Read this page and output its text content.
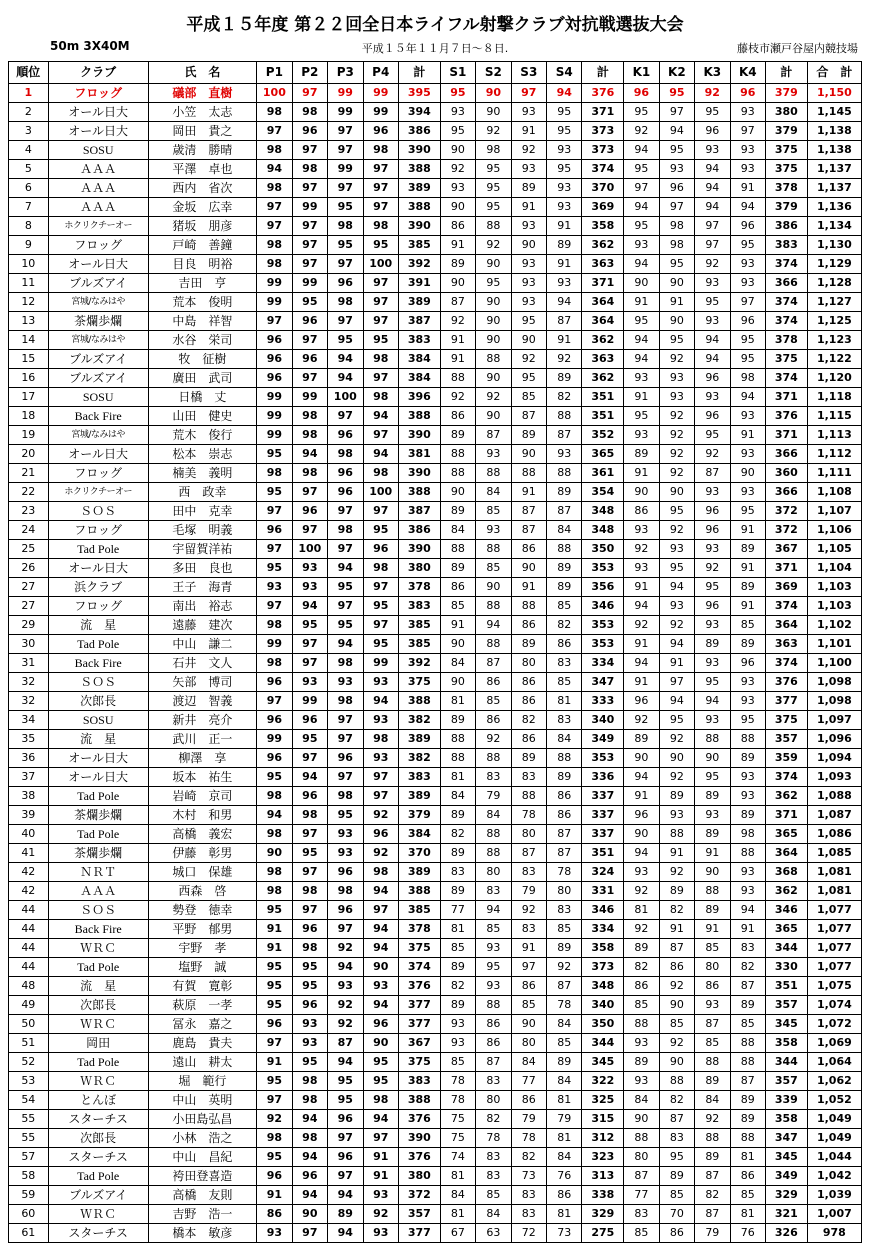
平成１５年度 第２２回全日本ライフル射撃クラブ対抗戦選抜大会
50m 3X40M	平成１５年１１月７日〜８日.	藤枝市瀬戸谷屋内競技場
順位	クラブ	氏　名	P1	P2	P3	P4	計	S1	S2	S3	S4	計	K1	K2	K3	K4	計	合　計
1	フロッグ	礒部　直樹	100	97	99	99	395	95	90	97	94	376	96	95	92	96	379	1,150
2	オール日大	小笠　太志	98	98	99	99	394	93	90	93	95	371	95	97	95	93	380	1,145
3	オール日大	岡田　貴之	97	96	97	96	386	95	92	91	95	373	92	94	96	97	379	1,138
4	SOSU	歳清　勝晴	98	97	97	98	390	90	98	92	93	373	94	95	93	93	375	1,138
5	ＡＡＡ	平澤　卓也	94	98	99	97	388	92	95	93	95	374	95	93	94	93	375	1,137
6	ＡＡＡ	西内　省次	98	97	97	97	389	93	95	89	93	370	97	96	94	91	378	1,137
7	ＡＡＡ	金坂　広幸	97	99	95	97	388	90	95	91	93	369	94	97	94	94	379	1,136
8	ホクリクチーオー	猪坂　朋彦	97	97	98	98	390	86	88	93	91	358	95	98	97	96	386	1,134
9	フロッグ	戸崎　善鐘	98	97	95	95	385	91	92	90	89	362	93	98	97	95	383	1,130
10	オール日大	目良　明裕	98	97	97	100	392	89	90	93	91	363	94	95	92	93	374	1,129
11	ブルズアイ	吉田　亨	99	99	96	97	391	90	95	93	93	371	90	90	93	93	366	1,128
12	宮城/なみはや	荒本　俊明	99	95	98	97	389	87	90	93	94	364	91	91	95	97	374	1,127
13	茶爛歩爛	中島　祥智	97	96	97	97	387	92	90	95	87	364	95	90	93	96	374	1,125
14	宮城/なみはや	水谷　栄司	96	97	95	95	383	91	90	90	91	362	94	95	94	95	378	1,123
15	ブルズアイ	牧　征樹	96	96	94	98	384	91	88	92	92	363	94	92	94	95	375	1,122
16	ブルズアイ	廣田　武司	96	97	94	97	384	88	90	95	89	362	93	93	96	98	374	1,120
17	SOSU	日橋　丈	99	99	100	98	396	92	92	85	82	351	91	93	93	94	371	1,118
18	Back Fire	山田　健史	99	98	97	94	388	86	90	87	88	351	95	92	96	93	376	1,115
19	宮城/なみはや	荒木　俊行	99	98	96	97	390	89	87	89	87	352	93	92	95	91	371	1,113
20	オール日大	松本　崇志	95	94	98	94	381	88	93	90	93	365	89	92	92	93	366	1,112
21	フロッグ	楠美　義明	98	98	96	98	390	88	88	88	88	361	91	92	87	90	360	1,111
22	ホクリクチーオー	西　政幸	95	97	96	100	388	90	84	91	89	354	90	90	93	93	366	1,108
23	ＳＯＳ	田中　克幸	97	96	97	97	387	89	85	87	87	348	86	95	96	95	372	1,107
24	フロッグ	毛塚　明義	96	97	98	95	386	84	93	87	84	348	93	92	96	91	372	1,106
25	Tad Pole	宇留賀洋祐	97	100	97	96	390	88	88	86	88	350	92	93	93	89	367	1,105
26	オール日大	多田　良也	95	93	94	98	380	89	85	90	89	353	93	95	92	91	371	1,104
27	浜クラブ	王子　海青	93	93	95	97	378	86	90	91	89	356	91	94	95	89	369	1,103
27	フロッグ	南出　裕志	97	94	97	95	383	85	88	88	85	346	94	93	96	91	374	1,103
29	流　星	遠藤　建次	98	95	95	97	385	91	94	86	82	353	92	92	93	85	364	1,102
30	Tad Pole	中山　謙二	99	97	94	95	385	90	88	89	86	353	91	94	89	89	363	1,101
31	Back Fire	石井　文人	98	97	98	99	392	84	87	80	83	334	94	91	93	96	374	1,100
32	ＳＯＳ	矢部　博司	96	93	93	93	375	90	86	86	85	347	91	97	95	93	376	1,098
32	次郎長	渡辺　智義	97	99	98	94	388	81	85	86	81	333	96	94	94	93	377	1,098
34	SOSU	新井　亮介	96	96	97	93	382	89	86	82	83	340	92	95	93	95	375	1,097
35	流　星	武川　正一	99	95	97	98	389	88	92	86	84	349	89	92	88	88	357	1,096
36	オール日大	柳澤　享	96	97	96	93	382	88	88	89	88	353	90	90	90	89	359	1,094
37	オール日大	坂本　祐生	95	94	97	97	383	81	83	83	89	336	94	92	95	93	374	1,093
38	Tad Pole	岩崎　京司	98	96	98	97	389	84	79	88	86	337	91	89	89	93	362	1,088
39	茶爛歩爛	木村　和男	94	98	95	92	379	89	84	78	86	337	96	93	93	89	371	1,087
40	Tad Pole	高橋　義宏	98	97	93	96	384	82	88	80	87	337	90	88	89	98	365	1,086
41	茶爛歩爛	伊藤　彰男	90	95	93	92	370	89	88	87	87	351	94	91	91	88	364	1,085
42	ＮＲＴ	城口　保雄	98	97	96	98	389	83	80	83	78	324	93	92	90	93	368	1,081
42	ＡＡＡ	西森　啓	98	98	98	94	388	89	83	79	80	331	92	89	88	93	362	1,081
44	ＳＯＳ	勢登　徳幸	95	97	96	97	385	77	94	92	83	346	81	82	89	94	346	1,077
44	Back Fire	平野　郁男	91	96	97	94	378	81	85	83	85	334	92	91	91	91	365	1,077
44	ＷＲＣ	宇野　孝	91	98	92	94	375	85	93	91	89	358	89	87	85	83	344	1,077
44	Tad Pole	塩野　誠	95	95	94	90	374	89	95	97	92	373	82	86	80	82	330	1,077
48	流　星	有賀　寛彰	95	95	93	93	376	82	93	86	87	348	86	92	86	87	351	1,075
49	次郎長	萩原　一孝	95	96	92	94	377	89	88	85	78	340	85	90	93	89	357	1,074
50	ＷＲＣ	冨永　嘉之	96	93	92	96	377	93	86	90	84	350	88	85	87	85	345	1,072
51	岡田	鹿島　貴夫	97	93	87	90	367	93	86	80	85	344	93	92	85	88	358	1,069
52	Tad Pole	遠山　耕太	91	95	94	95	375	85	87	84	89	345	89	90	88	88	344	1,064
53	ＷＲＣ	堀　範行	95	98	95	95	383	78	83	77	84	322	93	88	89	87	357	1,062
54	とんぼ	中山　英明	97	98	95	98	388	78	80	86	81	325	84	82	84	89	339	1,052
55	スターチス	小田島弘昌	92	94	96	94	376	75	82	79	79	315	90	87	92	89	358	1,049
55	次郎長	小林　浩之	98	98	97	97	390	75	78	78	81	312	88	83	88	88	347	1,049
57	スターチス	中山　昌紀	95	94	96	91	376	74	83	82	84	323	80	95	89	81	345	1,044
58	Tad Pole	袴田登喜造	96	96	97	91	380	81	83	73	76	313	87	89	87	86	349	1,042
59	ブルズアイ	高橋　友則	91	94	94	93	372	84	85	83	86	338	77	85	82	85	329	1,039
60	ＷＲＣ	吉野　浩一	86	90	89	92	357	81	84	83	81	329	83	70	87	81	321	1,007
61	スターチス	橋本　敏彦	93	97	94	93	377	67	63	72	73	275	85	86	79	76	326	978
